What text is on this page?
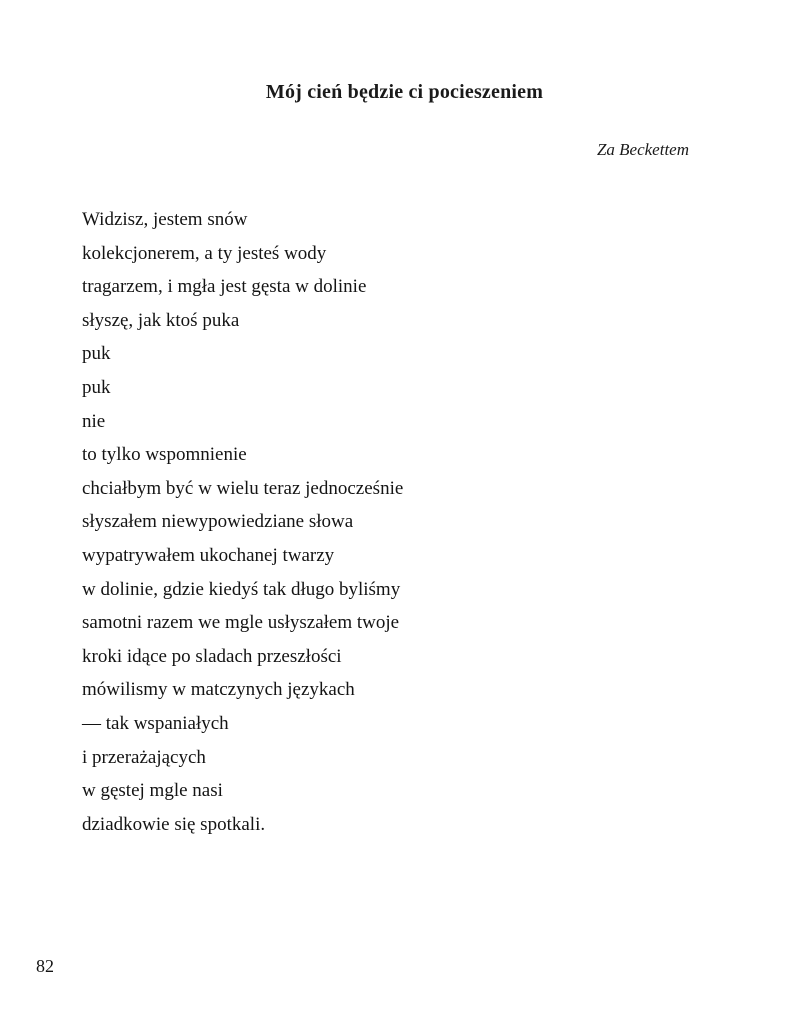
Mój cień będzie ci pocieszeniem
Za Beckettem
Widzisz, jestem snów
kolekcjonerem, a ty jesteś wody
tragarzem, i mgła jest gęsta w dolinie
słyszę, jak ktoś puka
puk
puk
nie
to tylko wspomnienie
chciałbym być w wielu teraz jednocześnie
słyszałem niewypowiedziane słowa
wypatrywałem ukochanej twarzy
w dolinie, gdzie kiedyś tak długo byliśmy
samotni razem we mgle usłyszałem twoje
kroki idące po sladach przeszłości
mówilismy w matczynych językach
— tak wspaniałych
i przerażających
w gęstej mgle nasi
dziadkowie się spotkali.
82
